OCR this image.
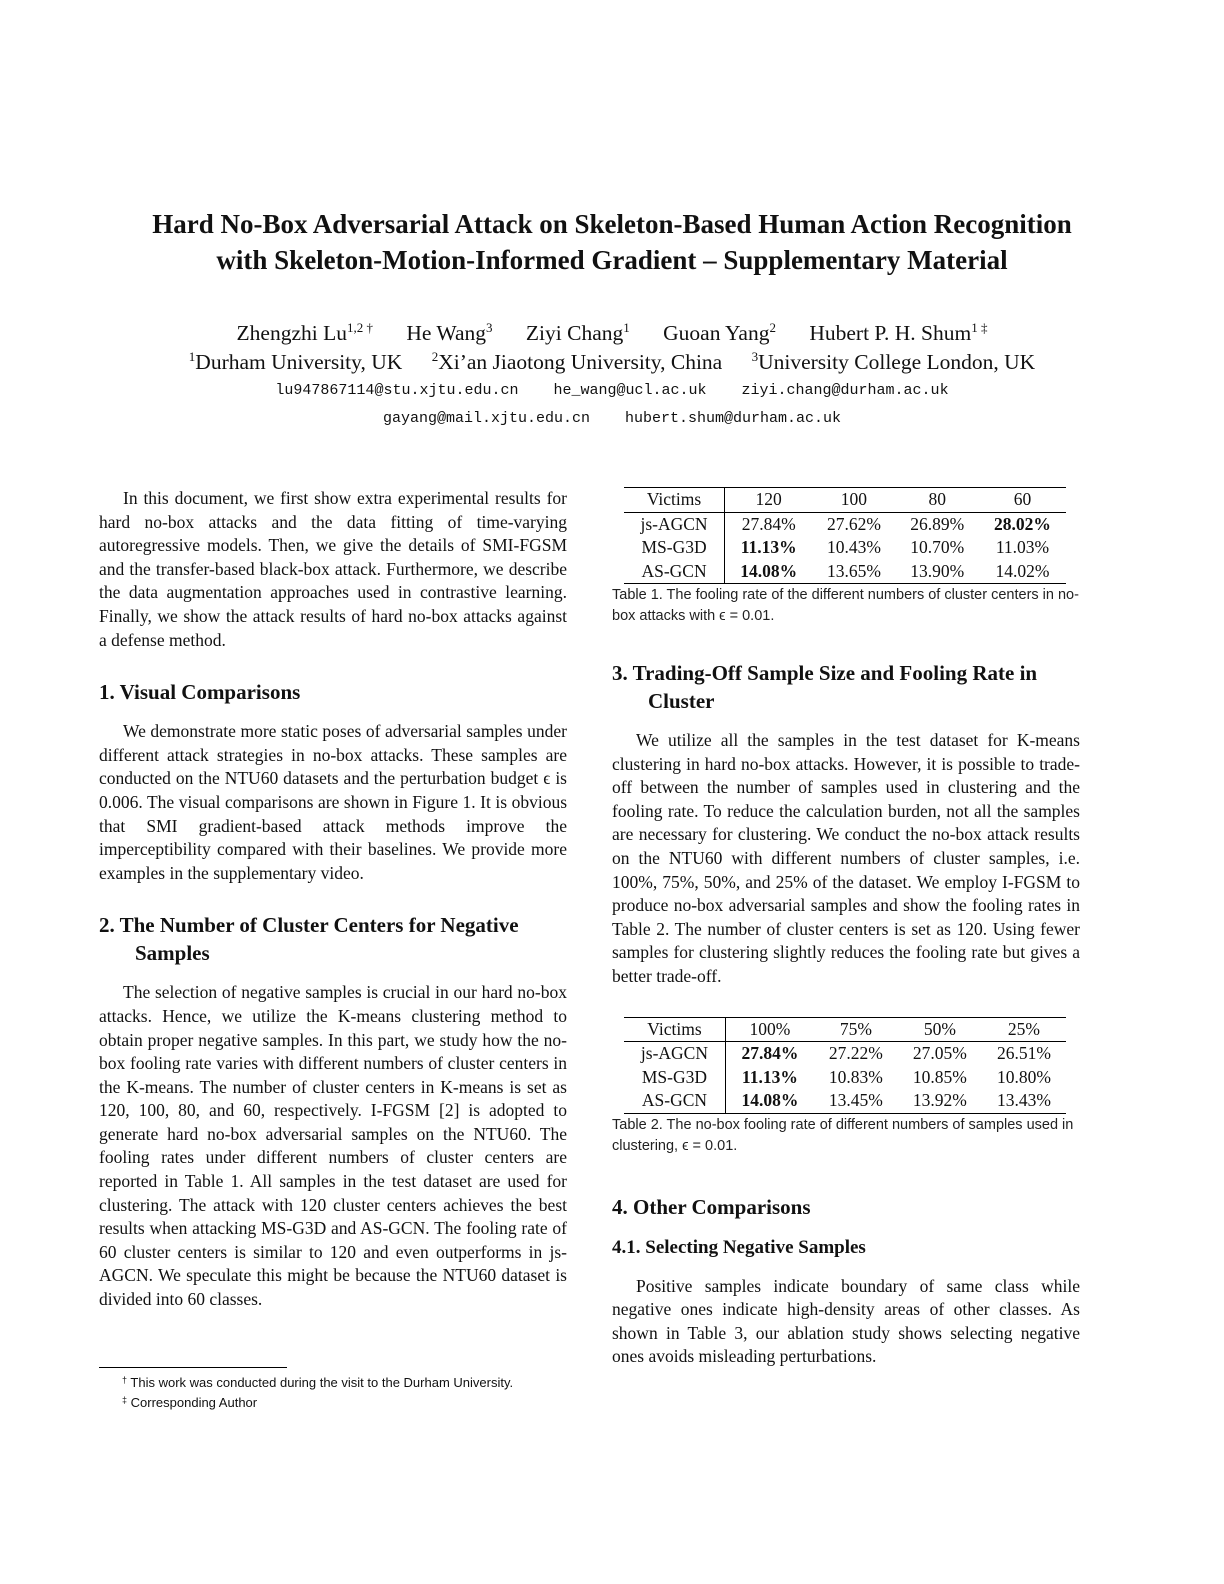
Hard No-Box Adversarial Attack on Skeleton-Based Human Action Recognition
with Skeleton-Motion-Informed Gradient – Supplementary Material
Zhengzhi $Lu^{1,2 \dagger}$ He Wang$^3$ Ziyi Chang$^1$ Guoan Yang$^2$ Hubert P. H. Shum$^{1 \ddagger}$
$^1$Durham University, UK $^2$Xi’an Jiaotong University, China $^3$University College London, UK
lu947867114@stu.xjtu.edu.cn he_wang@ucl.ac.uk ziyi.chang@durham.ac.uk
gayang@mail.xjtu.edu.cn hubert.shum@durham.ac.uk

In this document, we first show extra experimental results for hard no-box attacks and the data fitting of time-varying autoregressive models. Then, we give the details of SMI-FGSM and the transfer-based black-box attack. Furthermore, we describe the data augmentation approaches used in contrastive learning. Finally, we show the attack results of hard no-box attacks against a defense method.

1. Visual Comparisons

We demonstrate more static poses of adversarial samples under different attack strategies in no-box attacks. These samples are conducted on the NTU60 datasets and the perturbation budget ϵ is 0.006. The visual comparisons are shown in Figure 1. It is obvious that SMI gradient-based attack methods improve the imperceptibility compared with their baselines. We provide more examples in the supplementary video.

2. The Number of Cluster Centers for Negative Samples

The selection of negative samples is crucial in our hard no-box attacks. Hence, we utilize the K-means clustering method to obtain proper negative samples. In this part, we study how the no-box fooling rate varies with different numbers of cluster centers in the K-means. The number of cluster centers in K-means is set as 120, 100, 80, and 60, respectively. I-FGSM [2] is adopted to generate hard no-box adversarial samples on the NTU60. The fooling rates under different numbers of cluster centers are reported in Table 1. All samples in the test dataset are used for clustering. The attack with 120 cluster centers achieves the best results when attacking MS-G3D and AS-GCN. The fooling rate of 60 cluster centers is similar to 120 and even outperforms in js-AGCN. We speculate this might be because the NTU60 dataset is divided into 60 classes.

† This work was conducted during the visit to the Durham University.
‡ Corresponding Author
Victims	120	100	80	60
js-AGCN	27.84%	27.62%	26.89%	28.02%
MS-G3D	11.13%	10.43%	10.70%	11.03%
AS-GCN	14.08%	13.65%	13.90%	14.02%
Table 1. The fooling rate of the different numbers of cluster centers in no-box attacks with ϵ = 0.01.
3. Trading-Off Sample Size and Fooling Rate in Cluster

We utilize all the samples in the test dataset for K-means clustering in hard no-box attacks. However, it is possible to trade-off between the number of samples used in clustering and the fooling rate. To reduce the calculation burden, not all the samples are necessary for clustering. We conduct the no-box attack results on the NTU60 with different numbers of cluster samples, i.e. 100%, 75%, 50%, and 25% of the dataset. We employ I-FGSM to produce no-box adversarial samples and show the fooling rates in Table 2. The number of cluster centers is set as 120. Using fewer samples for clustering slightly reduces the fooling rate but gives a better trade-off.

Victims	100%	75%	50%	25%
js-AGCN	27.84%	27.22%	27.05%	26.51%
MS-G3D	11.13%	10.83%	10.85%	10.80%
AS-GCN	14.08%	13.45%	13.92%	13.43%
Table 2. The no-box fooling rate of different numbers of samples used in clustering, ϵ = 0.01.
4. Other Comparisons
4.1. Selecting Negative Samples

Positive samples indicate boundary of same class while negative ones indicate high-density areas of other classes. As shown in Table 3, our ablation study shows selecting negative ones avoids misleading perturbations.
